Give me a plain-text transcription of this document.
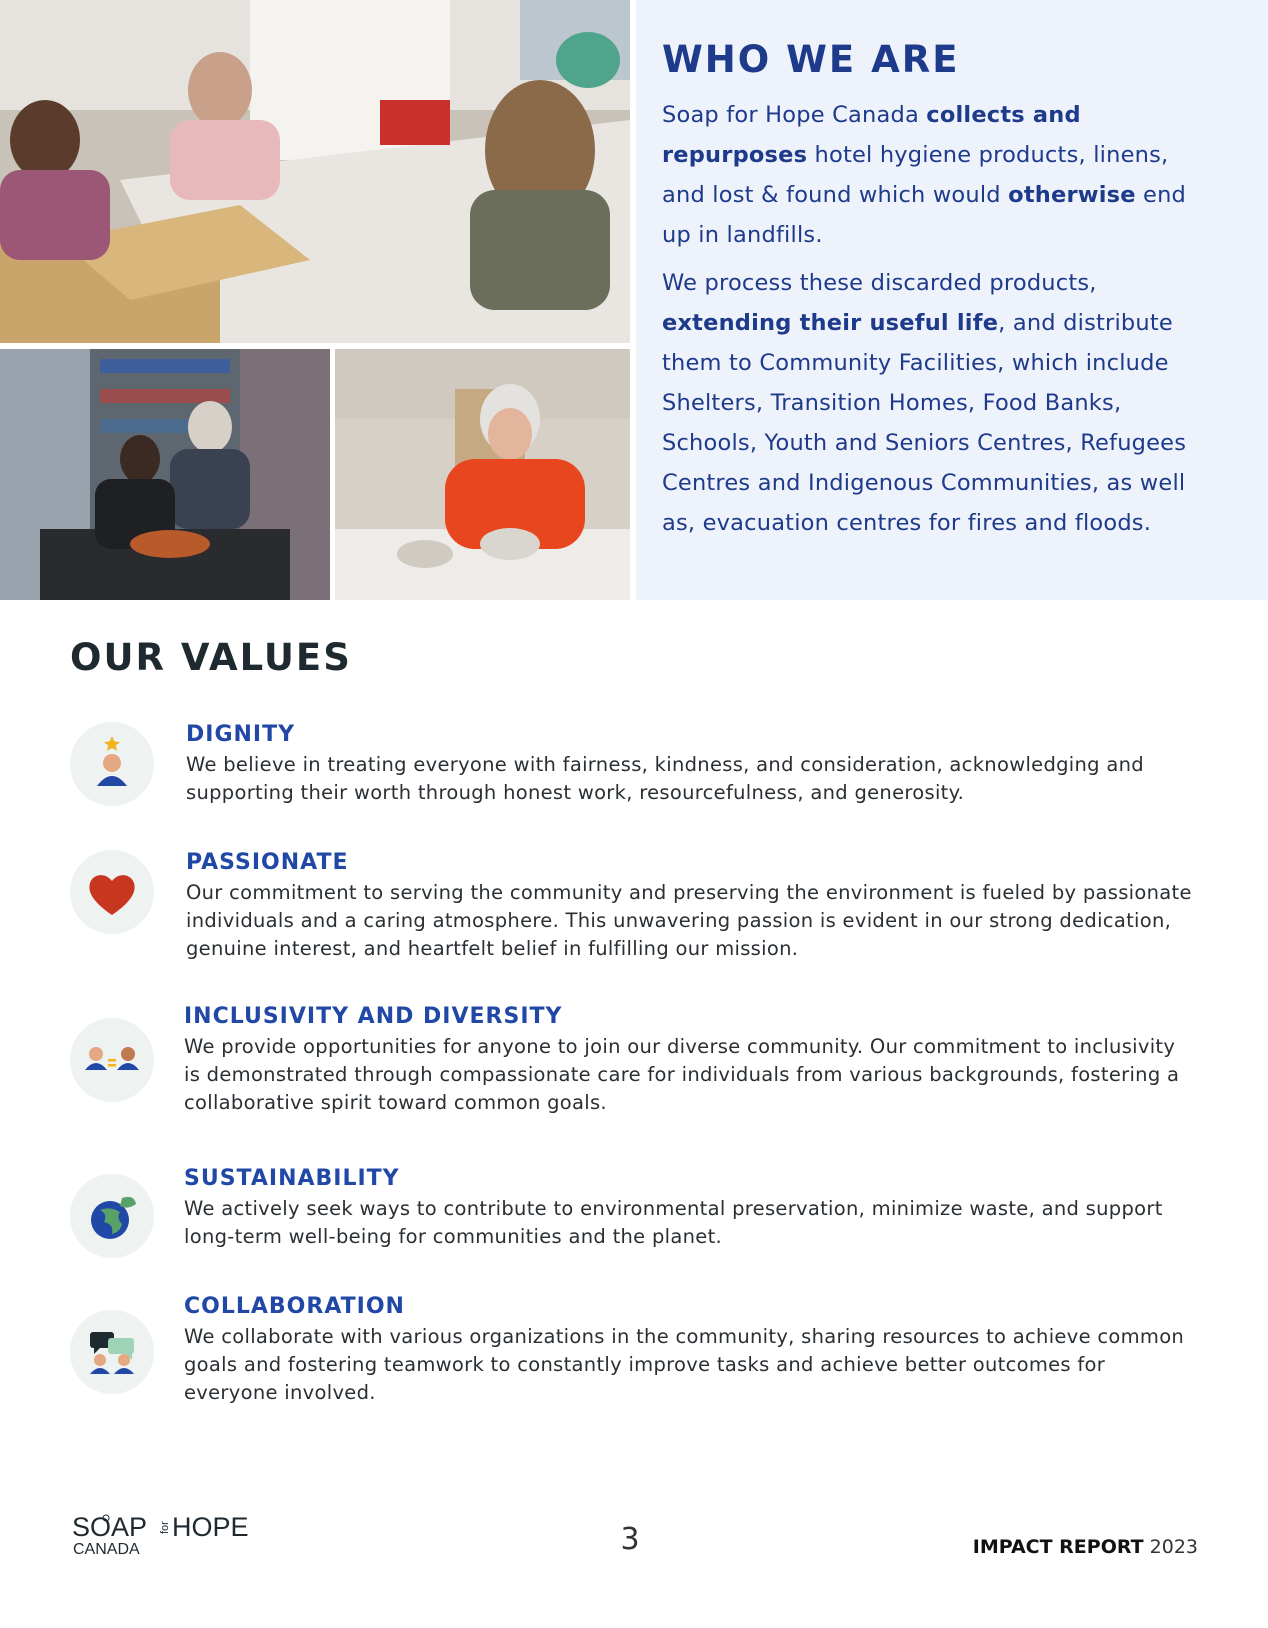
WHO WE ARE

Soap for Hope Canada collects and repurposes hotel hygiene products, linens, and lost & found which would otherwise end up in landfills.

We process these discarded products, extending their useful life, and distribute them to Community Facilities, which include Shelters, Transition Homes, Food Banks, Schools, Youth and Seniors Centres, Refugees Centres and Indigenous Communities, as well as, evacuation centres for fires and floods.

OUR VALUES
DIGNITY
We believe in treating everyone with fairness, kindness, and consideration, acknowledging and supporting their worth through honest work, resourcefulness, and generosity.
PASSIONATE
Our commitment to serving the community and preserving the environment is fueled by passionate individuals and a caring atmosphere. This unwavering passion is evident in our strong dedication, genuine interest, and heartfelt belief in fulfilling our mission.
INCLUSIVITY AND DIVERSITY
We provide opportunities for anyone to join our diverse community. Our commitment to inclusivity is demonstrated through compassionate care for individuals from various backgrounds, fostering a collaborative spirit toward common goals.
SUSTAINABILITY
We actively seek ways to contribute to environmental preservation, minimize waste, and support long-term well-being for communities and the planet.
COLLABORATION
We collaborate with various organizations in the community, sharing resources to achieve common goals and fostering teamwork to constantly improve tasks and achieve better outcomes for everyone involved.
SOAP for HOPE
CANADA	3	IMPACT REPORT 2023
